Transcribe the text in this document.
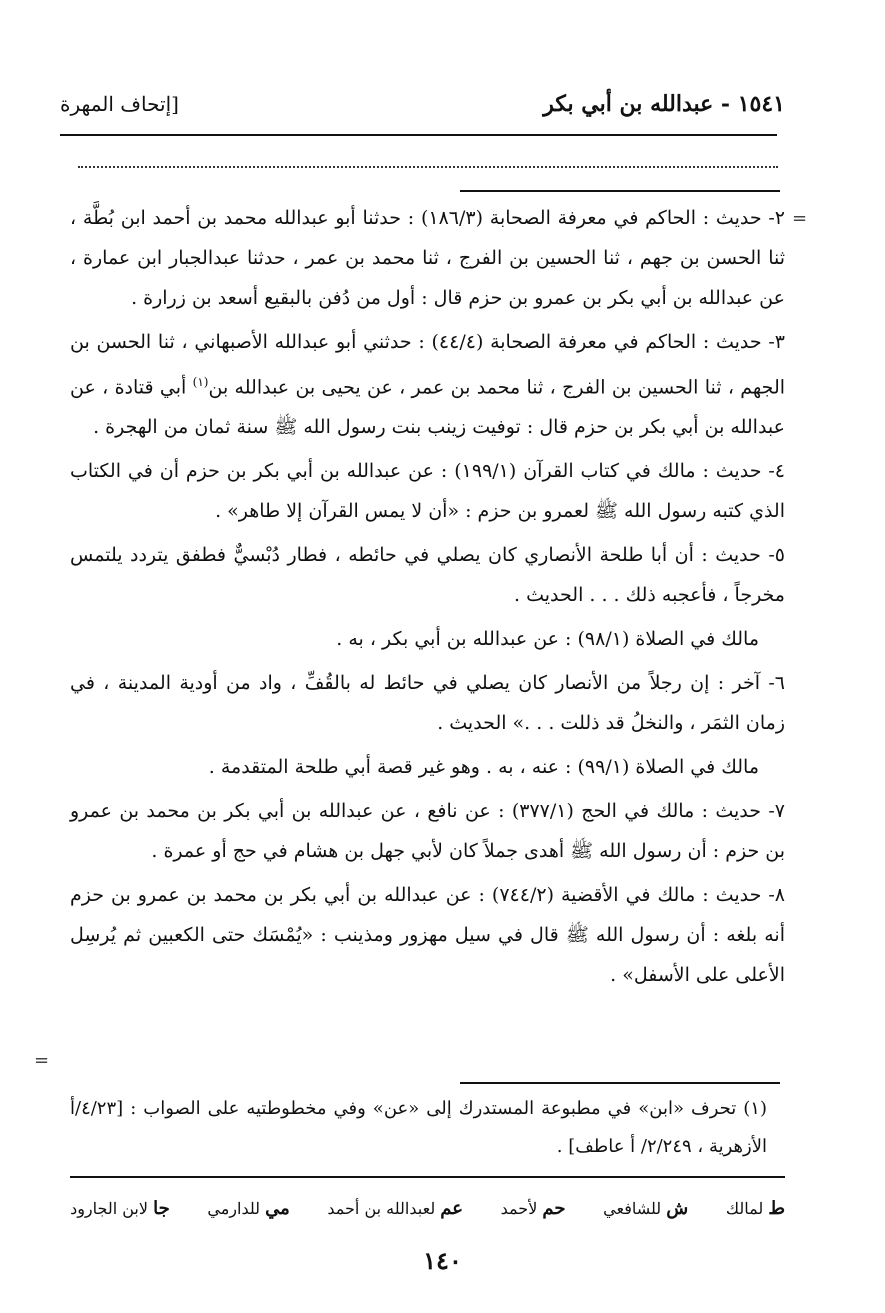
١٥٤١ - عبدالله بن أبي بكر
[إتحاف المهرة
=
=

٢- حديث : الحاكم في معرفة الصحابة (١٨٦/٣) : حدثنا أبو عبدالله محمد بن أحمد ابن بُطَّة ، ثنا الحسن بن جهم ، ثنا الحسين بن الفرج ، ثنا محمد بن عمر ، حدثنا عبدالجبار ابن عمارة ، عن عبدالله بن أبي بكر بن عمرو بن حزم قال : أول من دُفن بالبقيع أسعد بن زرارة .

٣- حديث : الحاكم في معرفة الصحابة (٤٤/٤) : حدثني أبو عبدالله الأصبهاني ، ثنا الحسن بن الجهم ، ثنا الحسين بن الفرج ، ثنا محمد بن عمر ، عن يحيى بن عبدالله بن$^{(١)}$ أبي قتادة ، عن عبدالله بن أبي بكر بن حزم قال : توفيت زينب بنت رسول الله ﷺ سنة ثمان من الهجرة .

٤- حديث : مالك في كتاب القرآن (١٩٩/١) : عن عبدالله بن أبي بكر بن حزم أن في الكتاب الذي كتبه رسول الله ﷺ لعمرو بن حزم : «أن لا يمس القرآن إلا طاهر» .

٥- حديث : أن أبا طلحة الأنصاري كان يصلي في حائطه ، فطار دُبْسيٌّ فطفق يتردد يلتمس مخرجاً ، فأعجبه ذلك . . . الحديث .

مالك في الصلاة (٩٨/١) : عن عبدالله بن أبي بكر ، به .

٦- آخر : إن رجلاً من الأنصار كان يصلي في حائط له بالقُفِّ ، واد من أودية المدينة ، في زمان الثمَر ، والنخلُ قد ذللت . . .» الحديث .

مالك في الصلاة (٩٩/١) : عنه ، به . وهو غير قصة أبي طلحة المتقدمة .

٧- حديث : مالك في الحج (٣٧٧/١) : عن نافع ، عن عبدالله بن أبي بكر بن محمد بن عمرو بن حزم : أن رسول الله ﷺ أهدى جملاً كان لأبي جهل بن هشام في حج أو عمرة .

٨- حديث : مالك في الأقضية (٧٤٤/٢) : عن عبدالله بن أبي بكر بن محمد بن عمرو بن حزم أنه بلغه : أن رسول الله ﷺ قال في سيل مهزور ومذينب : «يُمْسَك حتى الكعبين ثم يُرسِل الأعلى على الأسفل» .

(١) تحرف «ابن» في مطبوعة المستدرك إلى «عن» وفي مخطوطتيه على الصواب : [٤/٢٣/أ الأزهرية ، ٢/٢٤٩/ أ عاطف] .

ط لمالك
ش للشافعي
حم لأحمد
عم لعبدالله بن أحمد
مي للدارمي
جا لابن الجارود
١٤٠
